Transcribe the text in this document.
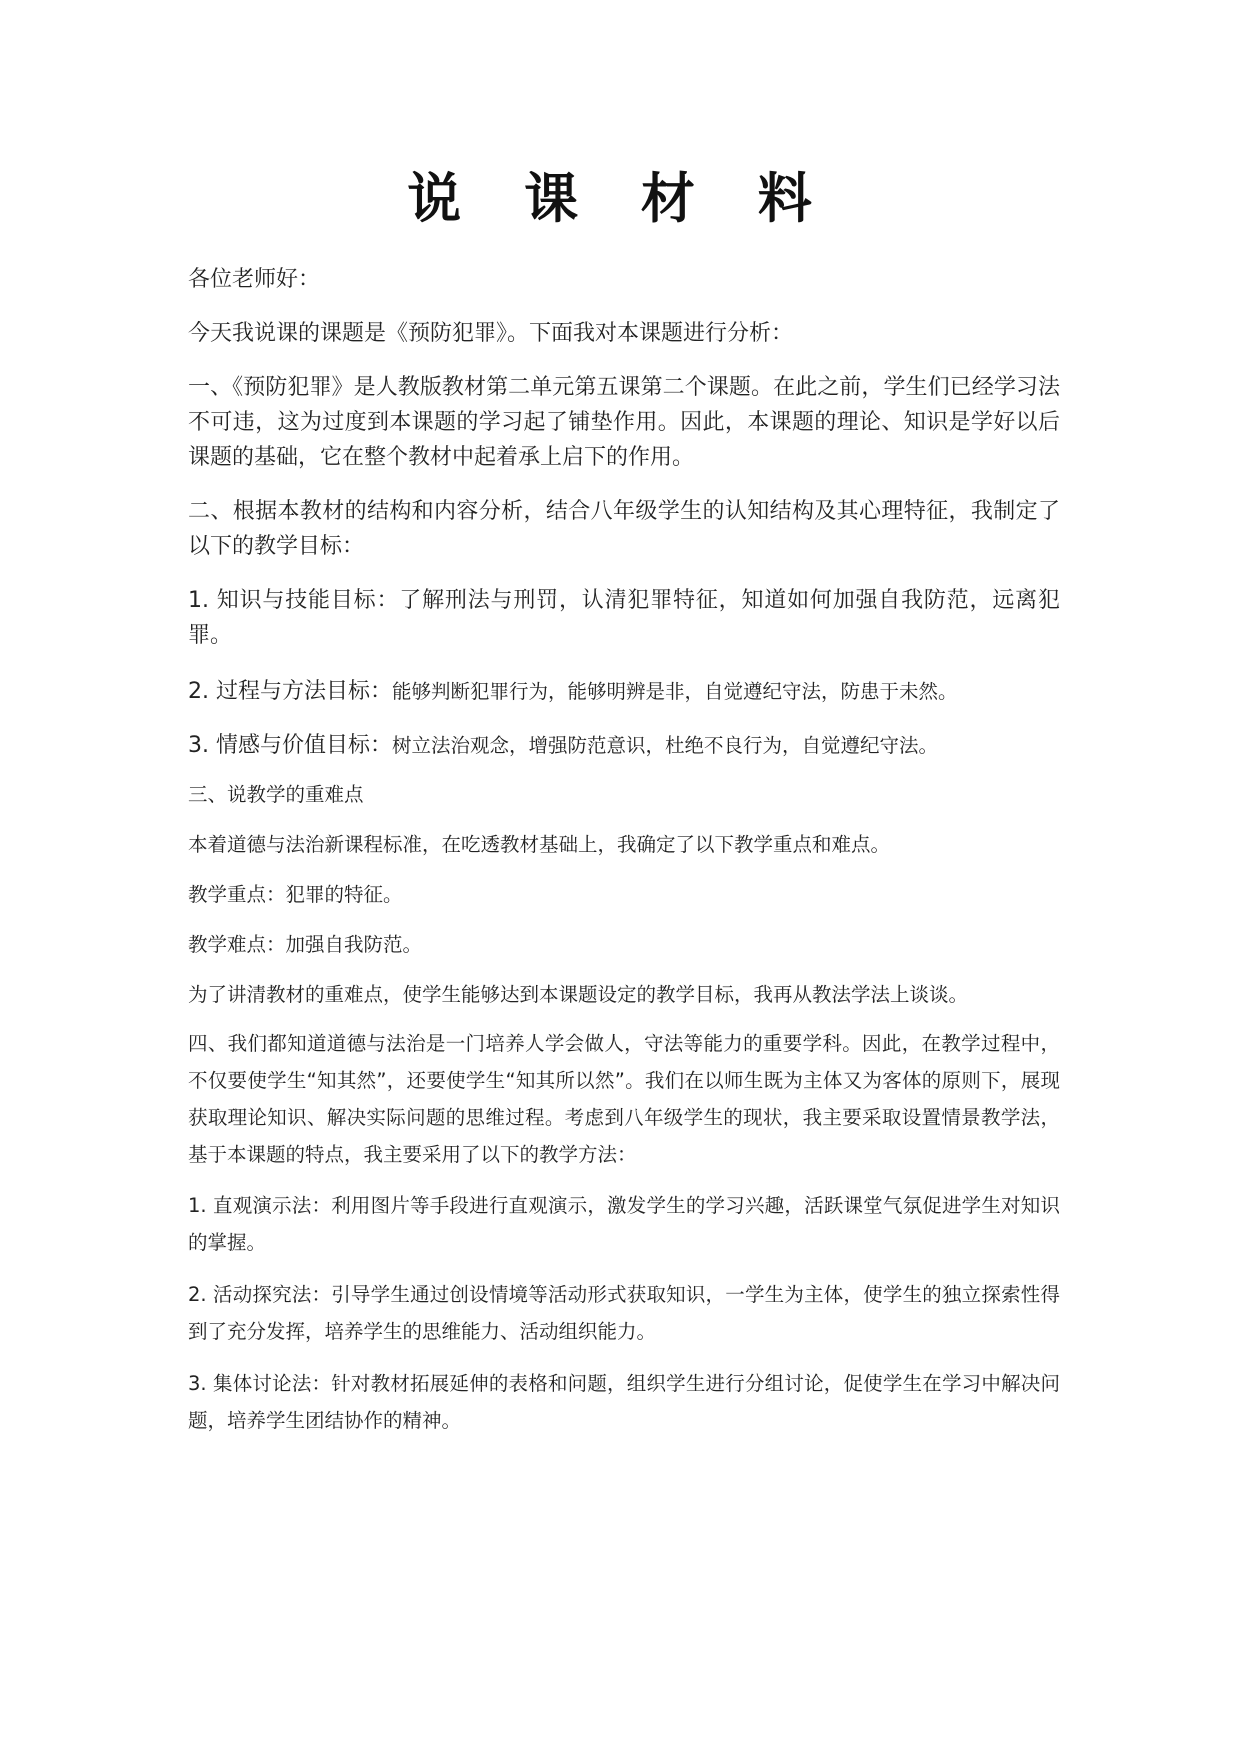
说 课 材 料

各位老师好：

今天我说课的课题是《预防犯罪》。下面我对本课题进行分析：

一、《预防犯罪》是人教版教材第二单元第五课第二个课题。在此之前，学生们已经学习法不可违，这为过度到本课题的学习起了铺垫作用。因此，本课题的理论、知识是学好以后课题的基础，它在整个教材中起着承上启下的作用。

二、根据本教材的结构和内容分析，结合八年级学生的认知结构及其心理特征，我制定了以下的教学目标：

1. 知识与技能目标：了解刑法与刑罚，认清犯罪特征，知道如何加强自我防范，远离犯罪。

2. 过程与方法目标：能够判断犯罪行为，能够明辨是非，自觉遵纪守法，防患于未然。

3. 情感与价值目标：树立法治观念，增强防范意识，杜绝不良行为，自觉遵纪守法。

三、说教学的重难点

本着道德与法治新课程标准，在吃透教材基础上，我确定了以下教学重点和难点。

教学重点：犯罪的特征。

教学难点：加强自我防范。

为了讲清教材的重难点，使学生能够达到本课题设定的教学目标，我再从教法学法上谈谈。

四、我们都知道道德与法治是一门培养人学会做人，守法等能力的重要学科。因此，在教学过程中，不仅要使学生“知其然”，还要使学生“知其所以然”。我们在以师生既为主体又为客体的原则下，展现获取理论知识、解决实际问题的思维过程。考虑到八年级学生的现状，我主要采取设置情景教学法，基于本课题的特点，我主要采用了以下的教学方法：

1. 直观演示法：利用图片等手段进行直观演示，激发学生的学习兴趣，活跃课堂气氛促进学生对知识的掌握。

2. 活动探究法：引导学生通过创设情境等活动形式获取知识，一学生为主体，使学生的独立探索性得到了充分发挥，培养学生的思维能力、活动组织能力。

3. 集体讨论法：针对教材拓展延伸的表格和问题，组织学生进行分组讨论，促使学生在学习中解决问题，培养学生团结协作的精神。
